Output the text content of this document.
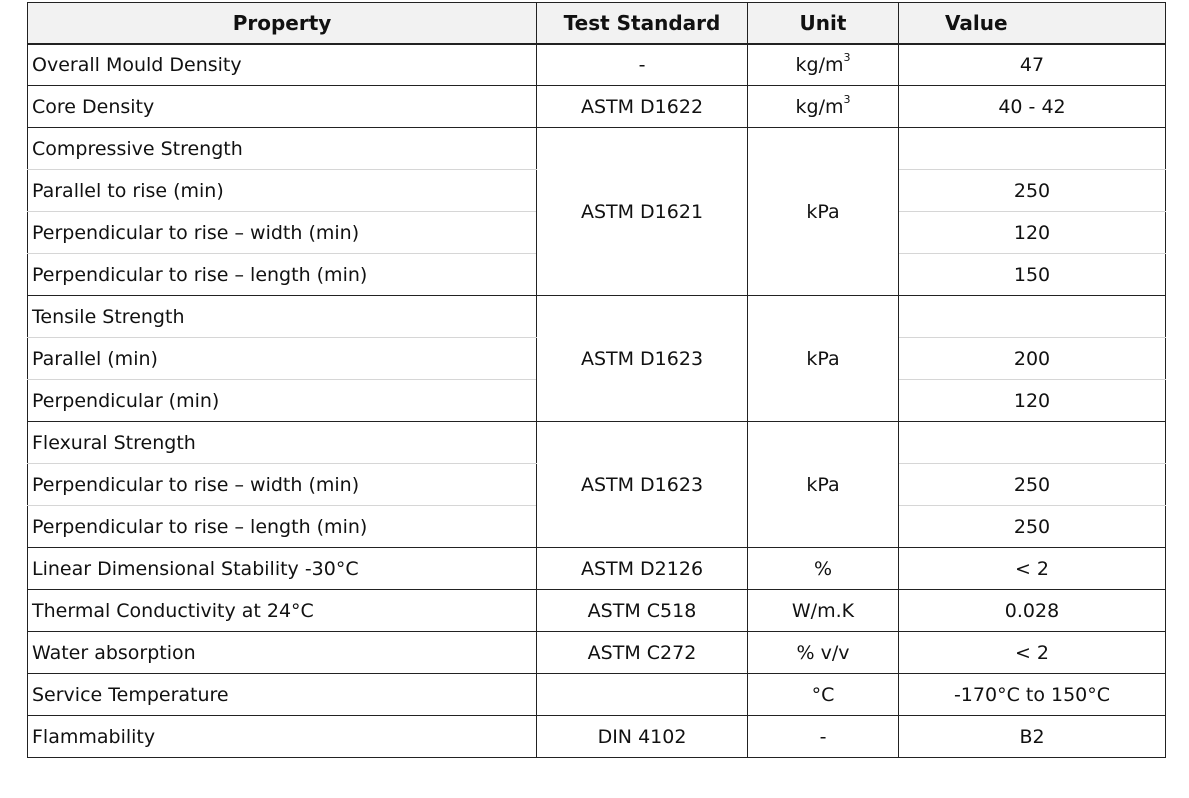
Property	Test Standard	Unit	Value
Overall Mould Density	-	$kg/m^3$	47
Core Density	ASTM D1622	$kg/m^3$	40 - 42
Compressive Strength	ASTM D1621	kPa	
Parallel to rise (min)			250
Perpendicular to rise – width (min)			120
Perpendicular to rise – length (min)			150
Tensile Strength	ASTM D1623	kPa	
Parallel (min)			200
Perpendicular (min)			120
Flexural Strength	ASTM D1623	kPa	
Perpendicular to rise – width (min)			250
Perpendicular to rise – length (min)			250
Linear Dimensional Stability -30°C	ASTM D2126	%	< 2
Thermal Conductivity at 24°C	ASTM C518	W/m.K	0.028
Water absorption	ASTM C272	% v/v	< 2
Service Temperature		°C	-170°C to 150°C
Flammability	DIN 4102	-	B2
